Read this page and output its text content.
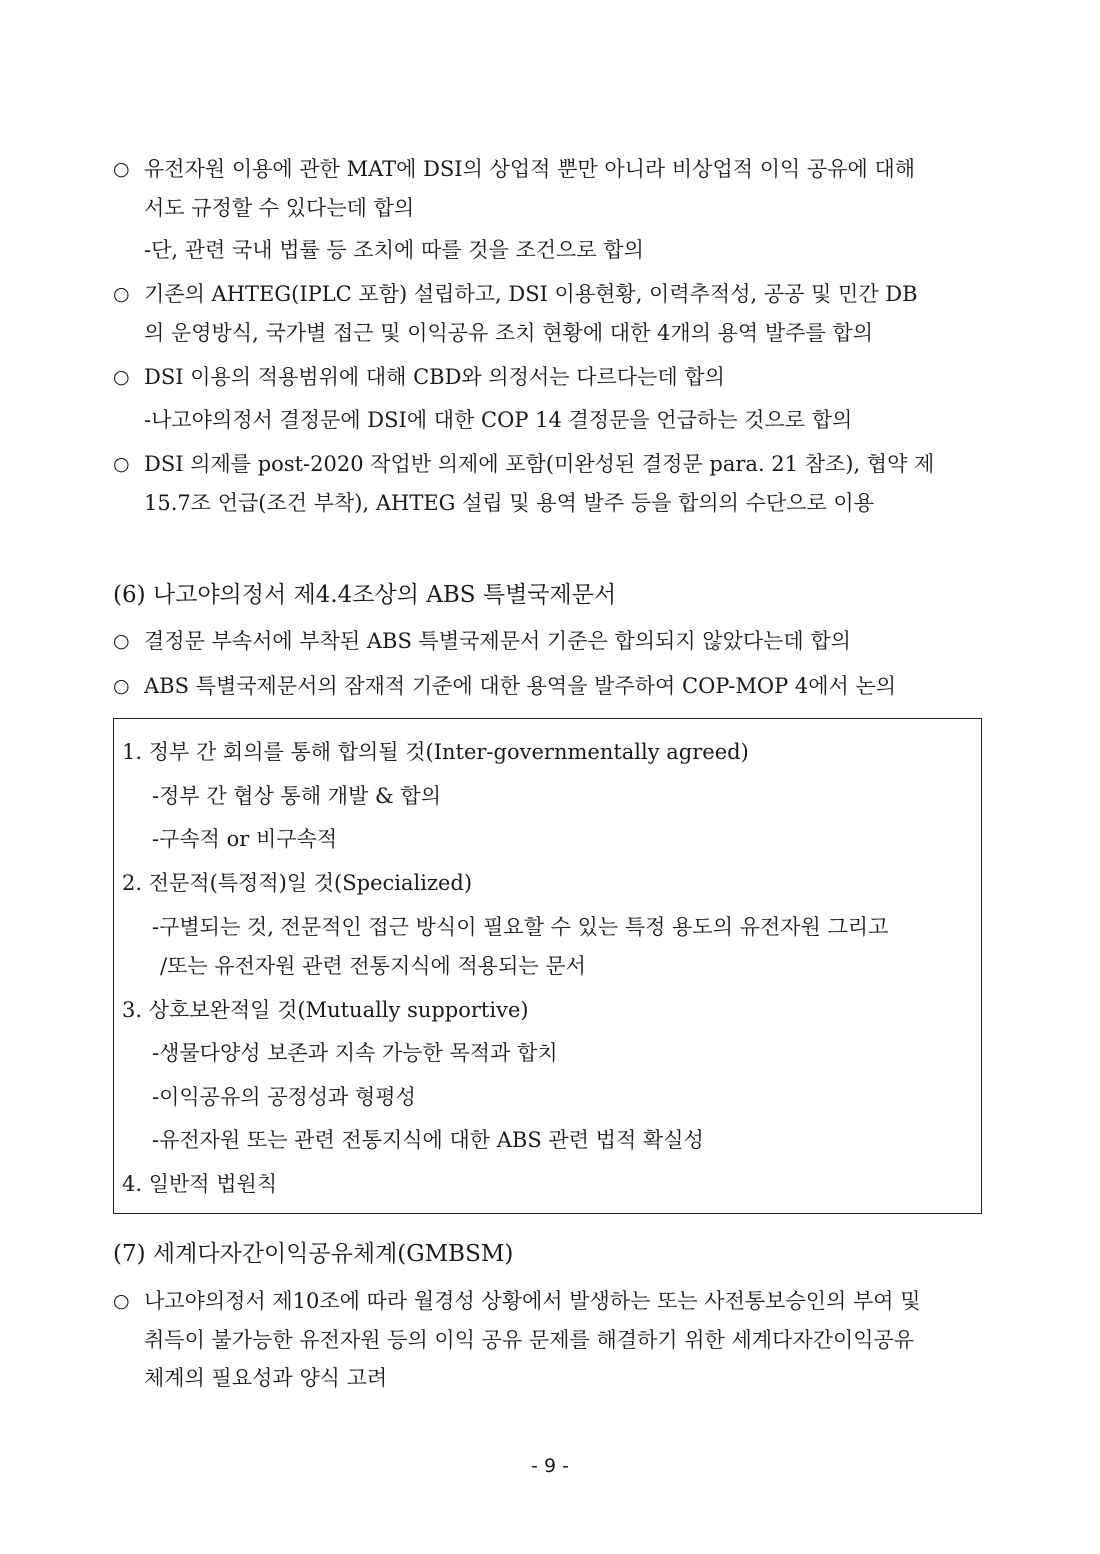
○ 유전자원 이용에 관한 MAT에 DSI의 상업적 뿐만 아니라 비상업적 이익 공유에 대해
서도 규정할 수 있다는데 합의
-단, 관련 국내 법률 등 조치에 따를 것을 조건으로 합의
○ 기존의 AHTEG(IPLC 포함) 설립하고, DSI 이용현황, 이력추적성, 공공 및 민간 DB
의 운영방식, 국가별 접근 및 이익공유 조치 현황에 대한 4개의 용역 발주를 합의
○ DSI 이용의 적용범위에 대해 CBD와 의정서는 다르다는데 합의
-나고야의정서 결정문에 DSI에 대한 COP 14 결정문을 언급하는 것으로 합의
○ DSI 의제를 post-2020 작업반 의제에 포함(미완성된 결정문 para. 21 참조), 협약 제
15.7조 언급(조건 부착), AHTEG 설립 및 용역 발주 등을 합의의 수단으로 이용
(6) 나고야의정서 제4.4조상의 ABS 특별국제문서
○ 결정문 부속서에 부착된 ABS 특별국제문서 기준은 합의되지 않았다는데 합의
○ ABS 특별국제문서의 잠재적 기준에 대한 용역을 발주하여 COP-MOP 4에서 논의
1. 정부 간 회의를 통해 합의될 것(Inter-governmentally agreed)
-정부 간 협상 통해 개발 & 합의
-구속적 or 비구속적
2. 전문적(특정적)일 것(Specialized)
-구별되는 것, 전문적인 접근 방식이 필요할 수 있는 특정 용도의 유전자원 그리고
/또는 유전자원 관련 전통지식에 적용되는 문서
3. 상호보완적일 것(Mutually supportive)
-생물다양성 보존과 지속 가능한 목적과 합치
-이익공유의 공정성과 형평성
-유전자원 또는 관련 전통지식에 대한 ABS 관련 법적 확실성
4. 일반적 법원칙
(7) 세계다자간이익공유체계(GMBSM)
○ 나고야의정서 제10조에 따라 월경성 상황에서 발생하는 또는 사전통보승인의 부여 및
취득이 불가능한 유전자원 등의 이익 공유 문제를 해결하기 위한 세계다자간이익공유
체계의 필요성과 양식 고려
- 9 -
